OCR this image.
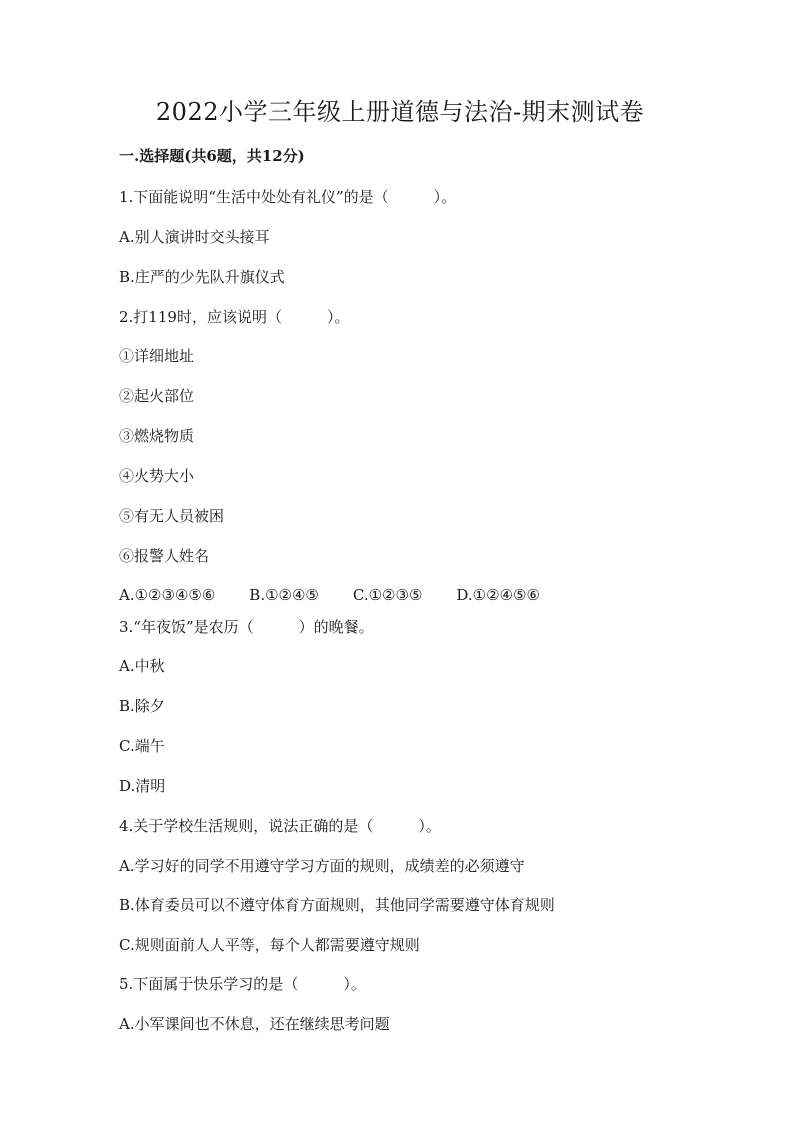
2022小学三年级上册道德与法治-期末测试卷
一.选择题(共6题，共12分)
1.下面能说明“生活中处处有礼仪”的是（　　　）。
A.别人演讲时交头接耳
B.庄严的少先队升旗仪式
2.打119时，应该说明（　　　）。
①详细地址
②起火部位
③燃烧物质
④火势大小
⑤有无人员被困
⑥报警人姓名
A.①②③④⑤⑥ B.①②④⑤ C.①②③⑤ D.①②④⑤⑥
3.“年夜饭”是农历（　　　）的晚餐。
A.中秋
B.除夕
C.端午
D.清明
4.关于学校生活规则，说法正确的是（　　　）。
A.学习好的同学不用遵守学习方面的规则，成绩差的必须遵守
B.体育委员可以不遵守体育方面规则，其他同学需要遵守体育规则
C.规则面前人人平等，每个人都需要遵守规则
5.下面属于快乐学习的是（　　　）。
A.小军课间也不休息，还在继续思考问题
